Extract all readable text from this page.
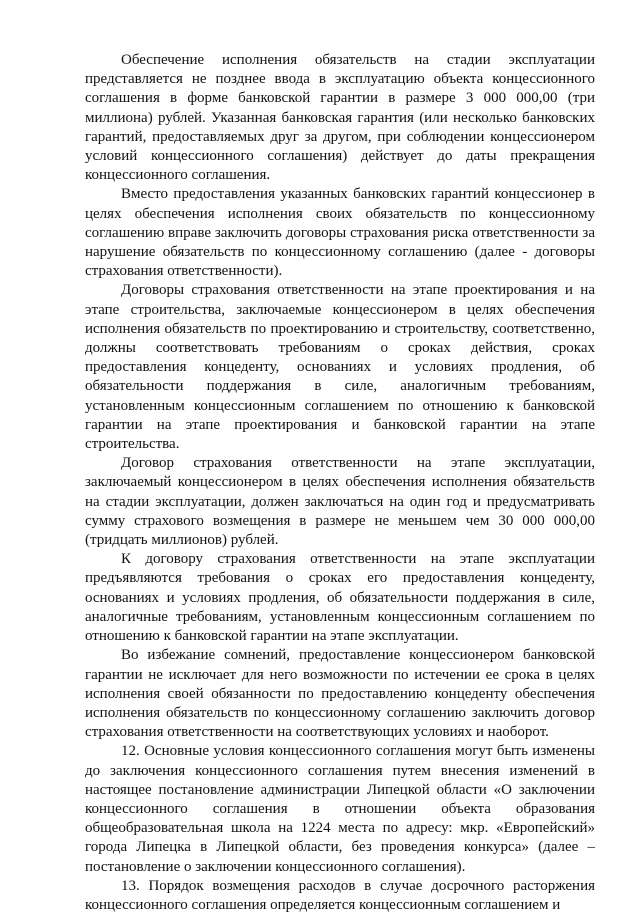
Обеспечение исполнения обязательств на стадии эксплуатации представляется не позднее ввода в эксплуатацию объекта концессионного соглашения в форме банковской гарантии в размере 3 000 000,00 (три миллиона) рублей. Указанная банковская гарантия (или несколько банковских гарантий, предоставляемых друг за другом, при соблюдении концессионером условий концессионного соглашения) действует до даты прекращения концессионного соглашения.

Вместо предоставления указанных банковских гарантий концессионер в целях обеспечения исполнения своих обязательств по концессионному соглашению вправе заключить договоры страхования риска ответственности за нарушение обязательств по концессионному соглашению (далее - договоры страхования ответственности).

Договоры страхования ответственности на этапе проектирования и на этапе строительства, заключаемые концессионером в целях обеспечения исполнения обязательств по проектированию и строительству, соответственно, должны соответствовать требованиям о сроках действия, сроках предоставления концеденту, основаниях и условиях продления, об обязательности поддержания в силе, аналогичным требованиям, установленным концессионным соглашением по отношению к банковской гарантии на этапе проектирования и банковской гарантии на этапе строительства.

Договор страхования ответственности на этапе эксплуатации, заключаемый концессионером в целях обеспечения исполнения обязательств на стадии эксплуатации, должен заключаться на один год и предусматривать сумму страхового возмещения в размере не меньшем чем 30 000 000,00 (тридцать миллионов) рублей.

К договору страхования ответственности на этапе эксплуатации предъявляются требования о сроках его предоставления концеденту, основаниях и условиях продления, об обязательности поддержания в силе, аналогичные требованиям, установленным концессионным соглашением по отношению к банковской гарантии на этапе эксплуатации.

Во избежание сомнений, предоставление концессионером банковской гарантии не исключает для него возможности по истечении ее срока в целях исполнения своей обязанности по предоставлению концеденту обеспечения исполнения обязательств по концессионному соглашению заключить договор страхования ответственности на соответствующих условиях и наоборот.

12. Основные условия концессионного соглашения могут быть изменены до заключения концессионного соглашения путем внесения изменений в настоящее постановление администрации Липецкой области «О заключении концессионного соглашения в отношении объекта образования общеобразовательная школа на 1224 места по адресу: мкр. «Европейский» города Липецка в Липецкой области, без проведения конкурса» (далее – постановление о заключении концессионного соглашения).

13. Порядок возмещения расходов в случае досрочного расторжения концессионного соглашения определяется концессионным соглашением и
